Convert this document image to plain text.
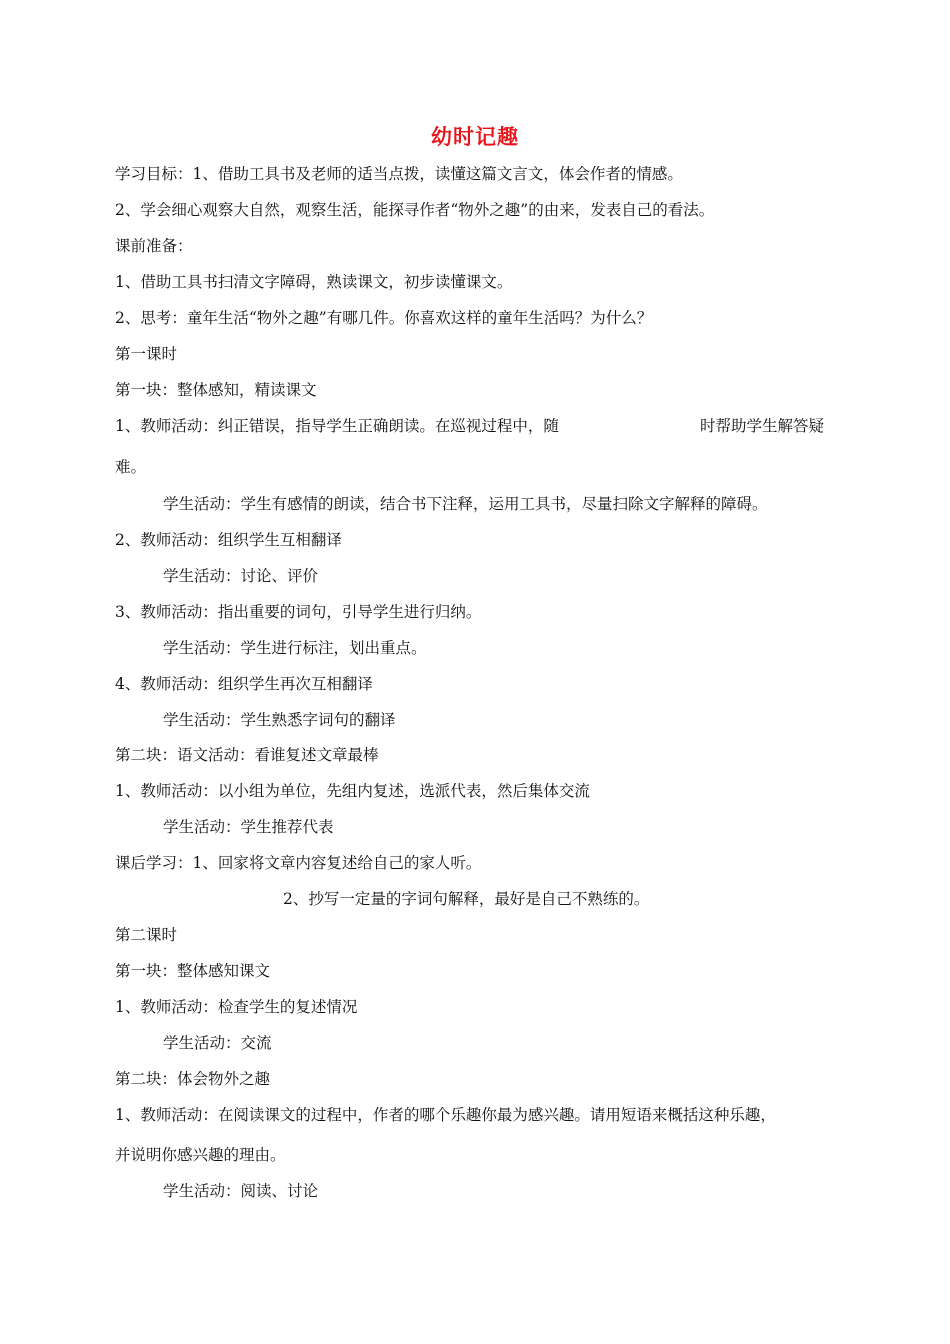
幼时记趣
学习目标：1、借助工具书及老师的适当点拨，读懂这篇文言文，体会作者的情感。
2、学会细心观察大自然，观察生活，能探寻作者“物外之趣”的由来，发表自己的看法。
课前准备：
1、借助工具书扫清文字障碍，熟读课文，初步读懂课文。
2、思考：童年生活“物外之趣”有哪几件。你喜欢这样的童年生活吗？为什么？
第一课时
第一块：整体感知，精读课文
1、教师活动：纠正错误，指导学生正确朗读。在巡视过程中，随	时帮助学生解答疑
难。
学生活动：学生有感情的朗读，结合书下注释，运用工具书，尽量扫除文字解释的障碍。
2、教师活动：组织学生互相翻译
学生活动：讨论、评价
3、教师活动：指出重要的词句，引导学生进行归纳。
学生活动：学生进行标注，划出重点。
4、教师活动：组织学生再次互相翻译
学生活动：学生熟悉字词句的翻译
第二块：语文活动：看谁复述文章最棒
1、教师活动：以小组为单位，先组内复述，选派代表，然后集体交流
学生活动：学生推荐代表
课后学习：1、回家将文章内容复述给自己的家人听。
2、抄写一定量的字词句解释，最好是自己不熟练的。
第二课时
第一块：整体感知课文
1、教师活动：检查学生的复述情况
学生活动：交流
第二块：体会物外之趣
1、教师活动：在阅读课文的过程中，作者的哪个乐趣你最为感兴趣。请用短语来概括这种乐趣，
并说明你感兴趣的理由。
学生活动：阅读、讨论
